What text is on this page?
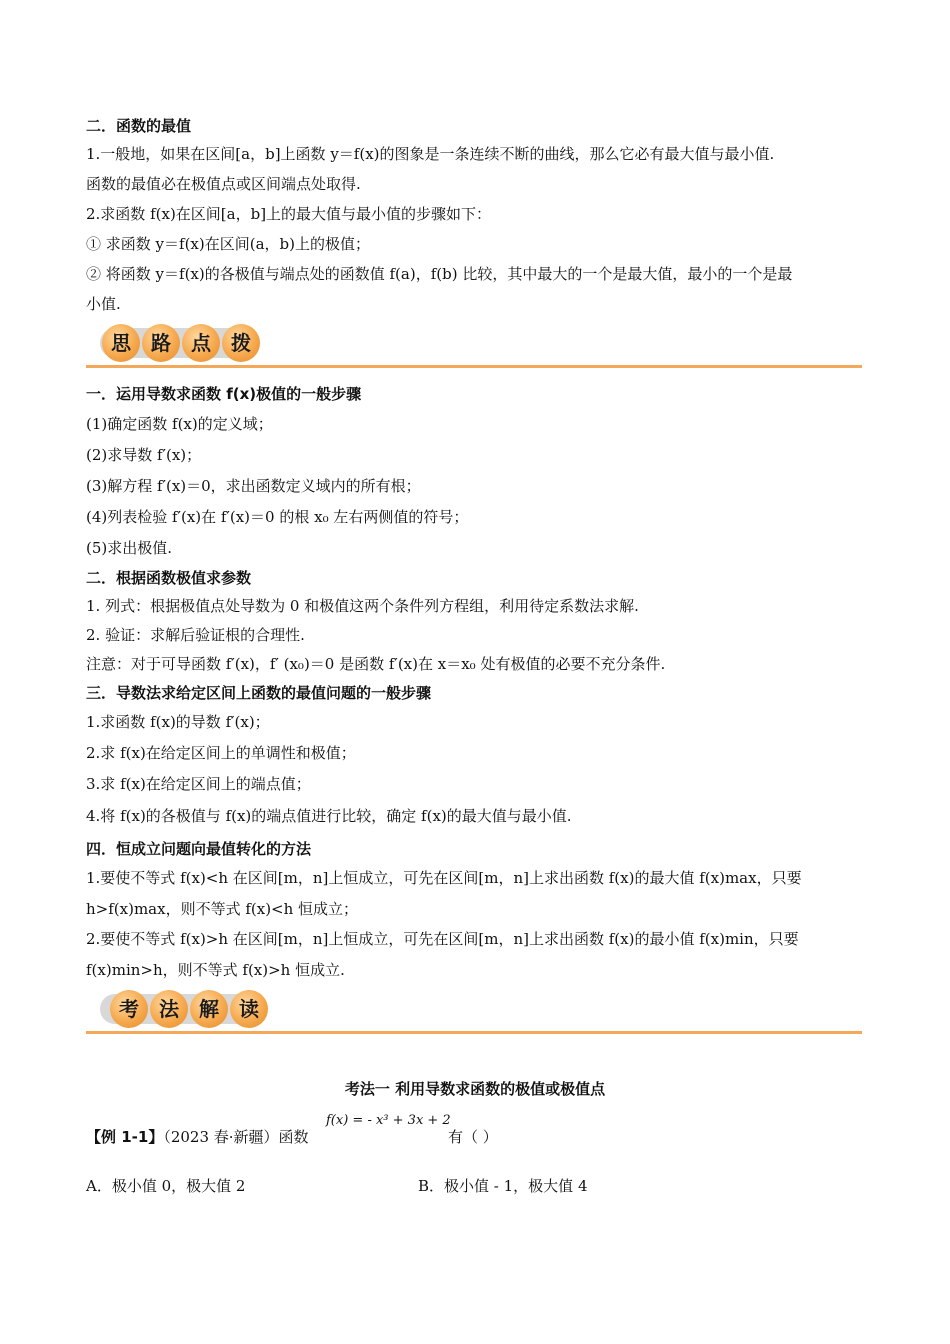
二．函数的最值
1.一般地，如果在区间[a，b]上函数 y＝f(x)的图象是一条连续不断的曲线，那么它必有最大值与最小值.
函数的最值必在极值点或区间端点处取得.
2.求函数 f(x)在区间[a，b]上的最大值与最小值的步骤如下：
① 求函数 y＝f(x)在区间(a，b)上的极值；
② 将函数 y＝f(x)的各极值与端点处的函数值 f(a)，f(b) 比较，其中最大的一个是最大值，最小的一个是最
小值.
思	路	点	拨
一．运用导数求函数 f(x)极值的一般步骤
(1)确定函数 f(x)的定义域；
(2)求导数 f′(x)；
(3)解方程 f′(x)＝0，求出函数定义域内的所有根；
(4)列表检验 f′(x)在 f′(x)＝0 的根 x₀ 左右两侧值的符号；
(5)求出极值.
二．根据函数极值求参数
1. 列式：根据极值点处导数为 0 和极值这两个条件列方程组，利用待定系数法求解.
2. 验证：求解后验证根的合理性.
注意：对于可导函数 f′(x)，f′ (x₀)＝0 是函数 f′(x)在 x＝x₀ 处有极值的必要不充分条件.
三．导数法求给定区间上函数的最值问题的一般步骤
1.求函数 f(x)的导数 f′(x)；
2.求 f(x)在给定区间上的单调性和极值；
3.求 f(x)在给定区间上的端点值；
4.将 f(x)的各极值与 f(x)的端点值进行比较，确定 f(x)的最大值与最小值.
四．恒成立问题向最值转化的方法
1.要使不等式 f(x)<h 在区间[m，n]上恒成立，可先在区间[m，n]上求出函数 f(x)的最大值 f(x)max，只要
h>f(x)max，则不等式 f(x)<h 恒成立；
2.要使不等式 f(x)>h 在区间[m，n]上恒成立，可先在区间[m，n]上求出函数 f(x)的最小值 f(x)min，只要
f(x)min>h，则不等式 f(x)>h 恒成立.
考	法	解	读
考法一 利用导数求函数的极值或极值点
【例 1-1】（2023 春·新疆）函数
f(x) = - x³ + 3x + 2
有（ ）
A．极小值 0，极大值 2	B．极小值 - 1，极大值 4
